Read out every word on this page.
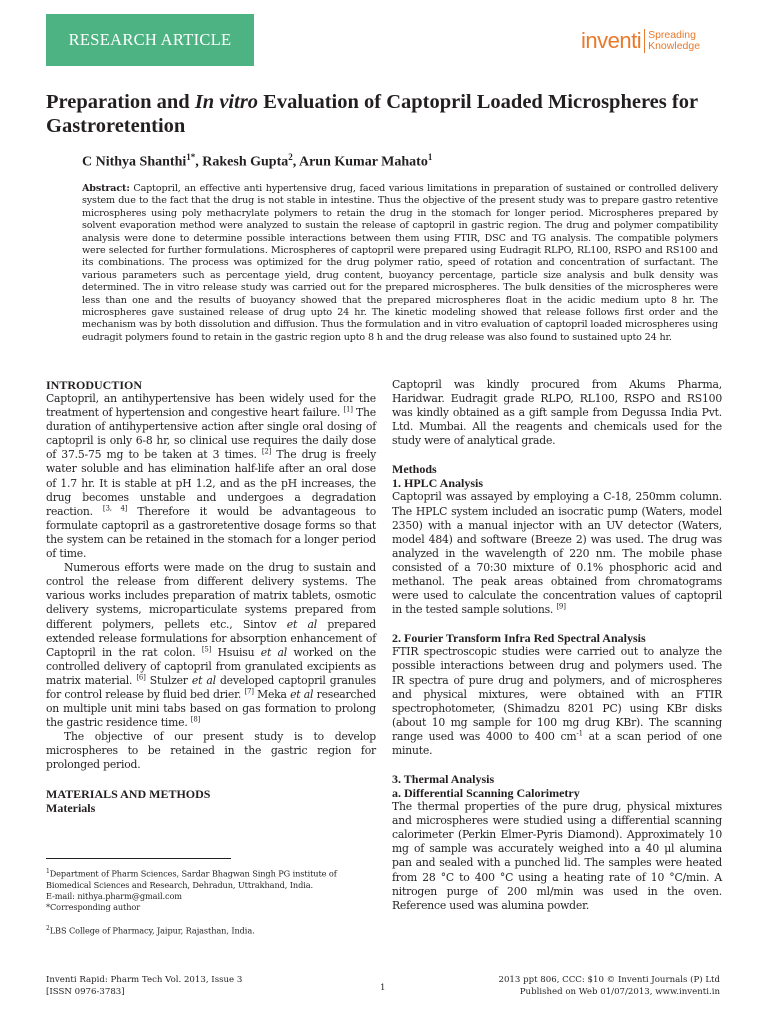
RESEARCH ARTICLE	inventi Spreading
Knowledge
Preparation and In vitro Evaluation of Captopril Loaded Microspheres for Gastroretention
C Nithya Shanthi$^{1*}$, Rakesh Gupta$^2$, Arun Kumar Mahato$^1$
Abstract: Captopril, an effective anti hypertensive drug, faced various limitations in preparation of sustained or controlled delivery system due to the fact that the drug is not stable in intestine. Thus the objective of the present study was to prepare gastro retentive microspheres using poly methacrylate polymers to retain the drug in the stomach for longer period. Microspheres prepared by solvent evaporation method were analyzed to sustain the release of captopril in gastric region. The drug and polymer compatibility analysis were done to determine possible interactions between them using FTIR, DSC and TG analysis. The compatible polymers were selected for further formulations. Microspheres of captopril were prepared using Eudragit RLPO, RL100, RSPO and RS100 and its combinations. The process was optimized for the drug polymer ratio, speed of rotation and concentration of surfactant. The various parameters such as percentage yield, drug content, buoyancy percentage, particle size analysis and bulk density was determined. The in vitro release study was carried out for the prepared microspheres. The bulk densities of the microspheres were less than one and the results of buoyancy showed that the prepared microspheres float in the acidic medium upto 8 hr. The microspheres gave sustained release of drug upto 24 hr. The kinetic modeling showed that release follows first order and the mechanism was by both dissolution and diffusion. Thus the formulation and in vitro evaluation of captopril loaded microspheres using eudragit polymers found to retain in the gastric region upto 8 h and the drug release was also found to sustained upto 24 hr.
INTRODUCTION

Captopril, an antihypertensive has been widely used for the treatment of hypertension and congestive heart failure. [1] The duration of antihypertensive action after single oral dosing of captopril is only 6-8 hr, so clinical use requires the daily dose of 37.5-75 mg to be taken at 3 times. [2] The drug is freely water soluble and has elimination half-life after an oral dose of 1.7 hr. It is stable at pH 1.2, and as the pH increases, the drug becomes unstable and undergoes a degradation reaction. [3, 4] Therefore it would be advantageous to formulate captopril as a gastroretentive dosage forms so that the system can be retained in the stomach for a longer period of time.

Numerous efforts were made on the drug to sustain and control the release from different delivery systems. The various works includes preparation of matrix tablets, osmotic delivery systems, microparticulate systems prepared from different polymers, pellets etc., Sintov et al prepared extended release formulations for absorption enhancement of Captopril in the rat colon. [5] Hsuisu et al worked on the controlled delivery of captopril from granulated excipients as matrix material. [6] Stulzer et al developed captopril granules for control release by fluid bed drier. [7] Meka et al researched on multiple unit mini tabs based on gas formation to prolong the gastric residence time. [8]

The objective of our present study is to develop microspheres to be retained in the gastric region for prolonged period.

MATERIALS AND METHODS
Materials
$^1$Department of Pharm Sciences, Sardar Bhagwan Singh PG institute of Biomedical Sciences and Research, Dehradun, Uttrakhand, India.
E-mail: nithya.pharm@gmail.com
*Corresponding author
$^2$LBS College of Pharmacy, Jaipur, Rajasthan, India.

Captopril was kindly procured from Akums Pharma, Haridwar. Eudragit grade RLPO, RL100, RSPO and RS100 was kindly obtained as a gift sample from Degussa India Pvt. Ltd. Mumbai. All the reagents and chemicals used for the study were of analytical grade.

Methods
1. HPLC Analysis

Captopril was assayed by employing a C-18, 250mm column. The HPLC system included an isocratic pump (Waters, model 2350) with a manual injector with an UV detector (Waters, model 484) and software (Breeze 2) was used. The drug was analyzed in the wavelength of 220 nm. The mobile phase consisted of a 70:30 mixture of 0.1% phosphoric acid and methanol. The peak areas obtained from chromatograms were used to calculate the concentration values of captopril in the tested sample solutions. [9]

2. Fourier Transform Infra Red Spectral Analysis

FTIR spectroscopic studies were carried out to analyze the possible interactions between drug and polymers used. The IR spectra of pure drug and polymers, and of microspheres and physical mixtures, were obtained with an FTIR spectrophotometer, (Shimadzu 8201 PC) using KBr disks (about 10 mg sample for 100 mg drug KBr). The scanning range used was 4000 to 400 $cm^{-1}$ at a scan period of one minute.

3. Thermal Analysis
a. Differential Scanning Calorimetry

The thermal properties of the pure drug, physical mixtures and microspheres were studied using a differential scanning calorimeter (Perkin Elmer-Pyris Diamond). Approximately 10 mg of sample was accurately weighed into a 40 μl alumina pan and sealed with a punched lid. The samples were heated from 28 °C to 400 °C using a heating rate of 10 °C/min. A nitrogen purge of 200 ml/min was used in the oven. Reference used was alumina powder.

Inventi Rapid: Pharm Tech Vol. 2013, Issue 3
[ISSN 0976-3783]	1
2013 ppt 806, CCC: $10 © Inventi Journals (P) Ltd
Published on Web 01/07/2013, www.inventi.in
